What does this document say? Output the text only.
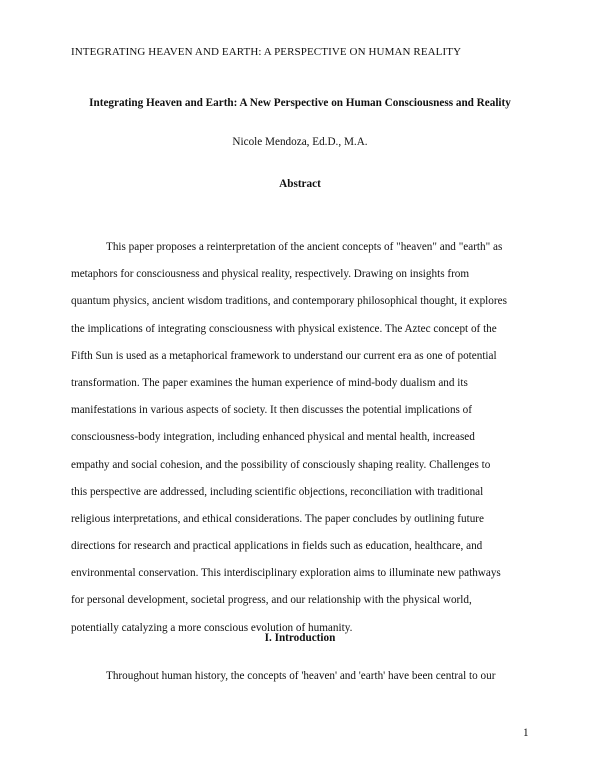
INTEGRATING HEAVEN AND EARTH: A PERSPECTIVE ON HUMAN REALITY
Integrating Heaven and Earth: A New Perspective on Human Consciousness and Reality
Nicole Mendoza, Ed.D., M.A.
Abstract
This paper proposes a reinterpretation of the ancient concepts of "heaven" and "earth" as
metaphors for consciousness and physical reality, respectively. Drawing on insights from
quantum physics, ancient wisdom traditions, and contemporary philosophical thought, it explores
the implications of integrating consciousness with physical existence. The Aztec concept of the
Fifth Sun is used as a metaphorical framework to understand our current era as one of potential
transformation. The paper examines the human experience of mind-body dualism and its
manifestations in various aspects of society. It then discusses the potential implications of
consciousness-body integration, including enhanced physical and mental health, increased
empathy and social cohesion, and the possibility of consciously shaping reality. Challenges to
this perspective are addressed, including scientific objections, reconciliation with traditional
religious interpretations, and ethical considerations. The paper concludes by outlining future
directions for research and practical applications in fields such as education, healthcare, and
environmental conservation. This interdisciplinary exploration aims to illuminate new pathways
for personal development, societal progress, and our relationship with the physical world,
potentially catalyzing a more conscious evolution of humanity.
I. Introduction
Throughout human history, the concepts of 'heaven' and 'earth' have been central to our
1
